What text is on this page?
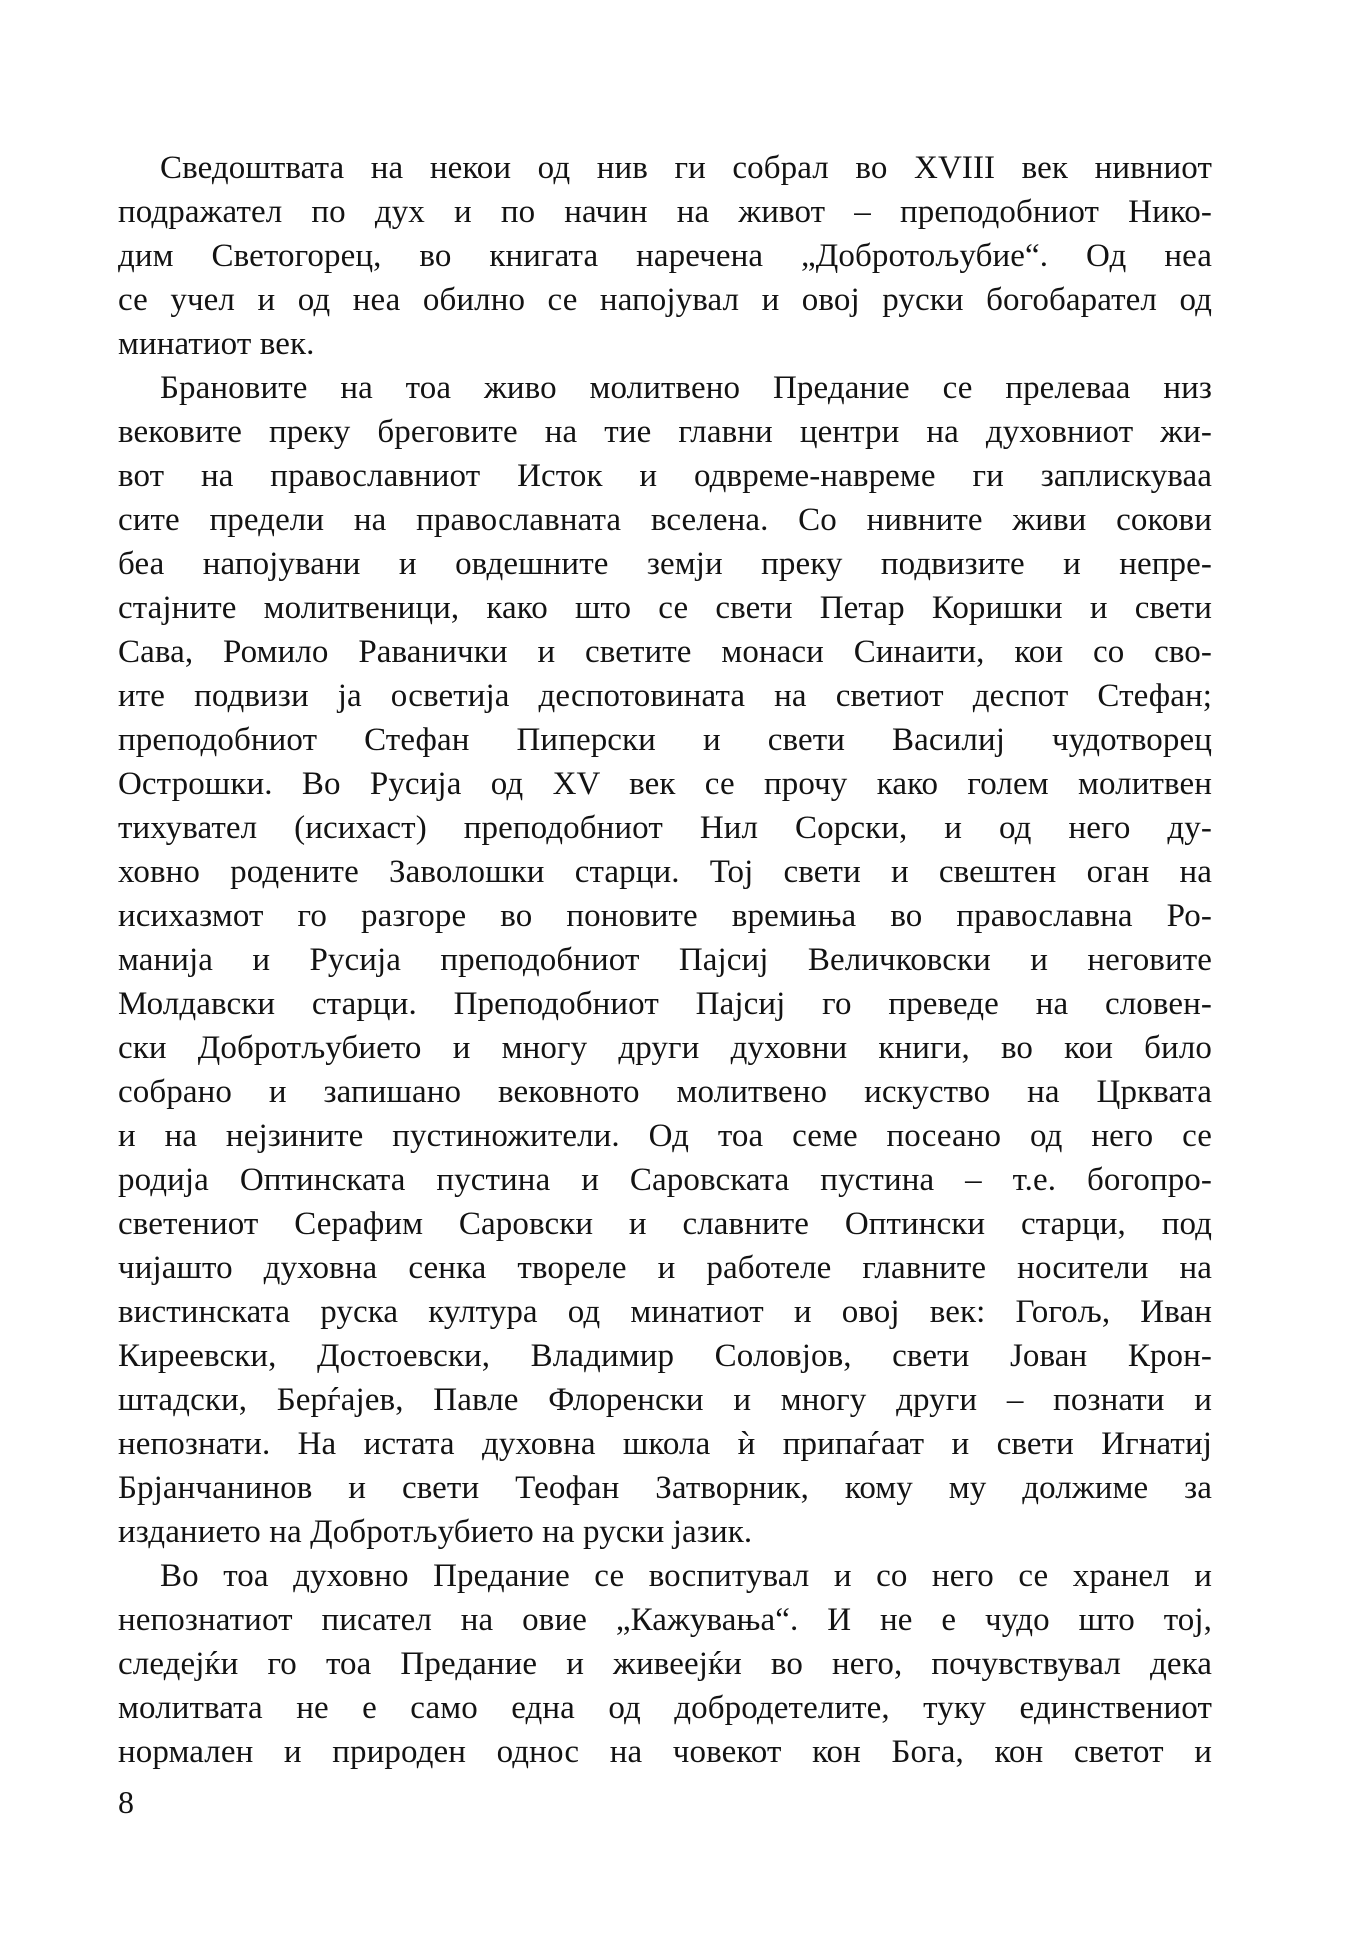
Сведоштвата на некои од нив ги собрал во XVIII век нивниот
подражател по дух и по начин на живот – преподобниот Нико-
дим Светогорец, во книгата наречена „Добротољубие“. Од неа
се учел и од неа обилно се напојувал и овој руски богобарател од
минатиот век.

Брановите на тоа живо молитвено Предание се прелеваа низ
вековите преку бреговите на тие главни центри на духовниот жи-
вот на православниот Исток и одвреме-навреме ги заплискуваа
сите предели на православната вселена. Со нивните живи сокови
беа напојувани и овдешните земји преку подвизите и непре-
стајните молитвеници, како што се свети Петар Коришки и свети
Сава, Ромило Раванички и светите монаси Синаити, кои со сво-
ите подвизи ја осветија деспотовината на светиот деспот Стефан;
преподобниот Стефан Пиперски и свети Василиј чудотворец
Острошки. Во Русија од XV век се прочу како голем молитвен
тихувател (исихаст) преподобниот Нил Сорски, и од него ду-
ховно родените Заволошки старци. Тој свети и свештен оган на
исихазмот го разгоре во поновите времиња во православна Ро-
манија и Русија преподобниот Пајсиј Величковски и неговите
Молдавски старци. Преподобниот Пајсиј го преведе на словен-
ски Добротљубието и многу други духовни книги, во кои било
собрано и запишано вековното молитвено искуство на Црквата
и на нејзините пустиножители. Од тоа семе посеано од него се
родија Оптинската пустина и Саровската пустина – т.е. богопро-
светениот Серафим Саровски и славните Оптински старци, под
чијашто духовна сенка твореле и работеле главните носители на
вистинската руска култура од минатиот и овој век: Гогољ, Иван
Киреевски, Достоевски, Владимир Соловјов, свети Јован Крон-
штадски, Берѓајев, Павле Флоренски и многу други – познати и
непознати. На истата духовна школа ѝ припаѓаат и свети Игнатиј
Брјанчанинов и свети Теофан Затворник, кому му должиме за
изданието на Добротљубието на руски јазик.

Во тоа духовно Предание се воспитувал и со него се хранел и
непознатиот писател на овие „Кажувања“. И не е чудо што тој,
следејќи го тоа Предание и живеејќи во него, почувствувал дека
молитвата не е само една од добродетелите, туку единствениот
нормален и природен однос на човекот кон Бога, кон светот и

8
